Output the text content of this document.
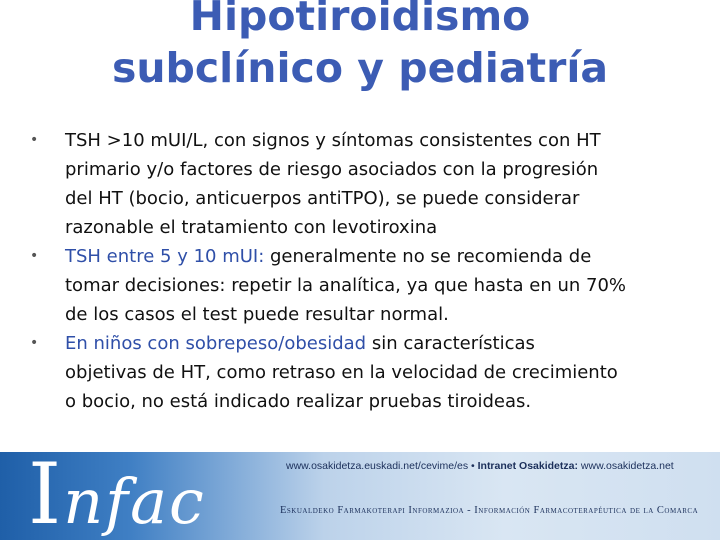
Hipotiroidismo
subclínico y pediatría
• TSH >10 mUI/L, con signos y síntomas consistentes con HT
primario y/o factores de riesgo asociados con la progresión
del HT (bocio, anticuerpos antiTPO), se puede considerar
razonable el tratamiento con levotiroxina
• TSH entre 5 y 10 mUI: generalmente no se recomienda de
tomar decisiones: repetir la analítica, ya que hasta en un 70%
de los casos el test puede resultar normal.
• En niños con sobrepeso/obesidad sin características
objetivas de HT, como retraso en la velocidad de crecimiento
o bocio, no está indicado realizar pruebas tiroideas.
Infac	www.osakidetza.euskadi.net/cevime/es • Intranet Osakidetza: www.osakidetza.net
Eskualdeko Farmakoterapi Informazioa - Información Farmacoterapéutica de la Comarca
